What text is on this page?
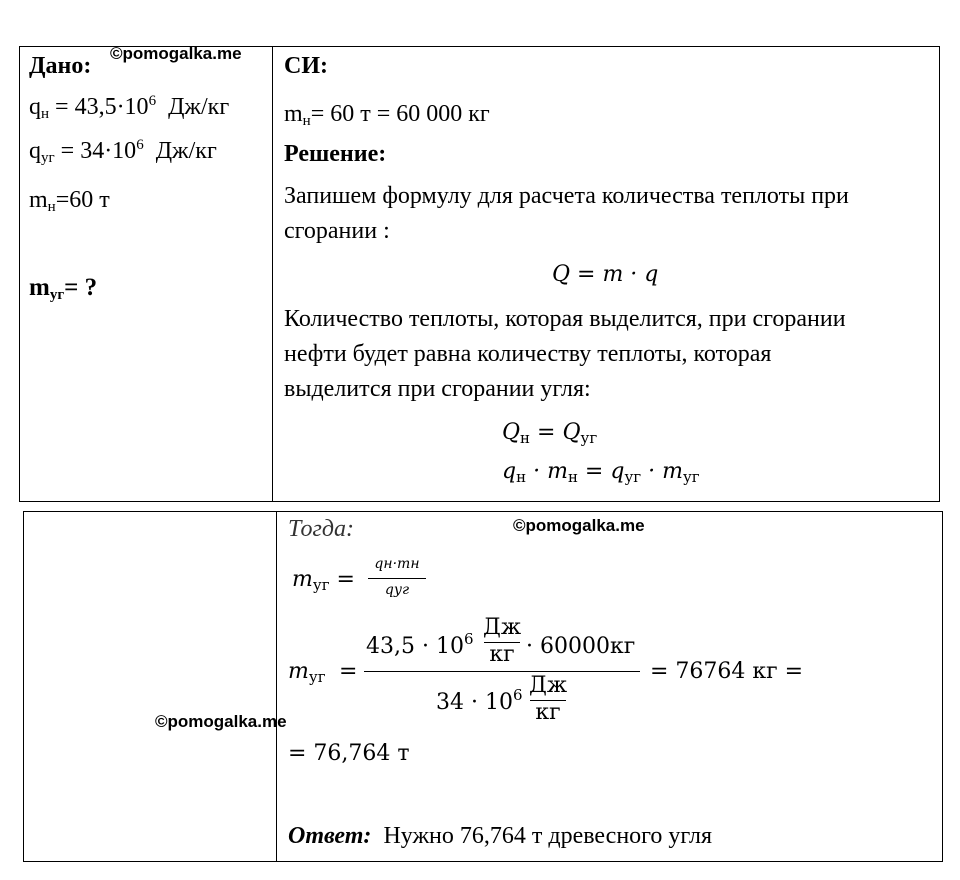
Дано: ©pomogalka.me
$q_н = 43,5\cdot 10^6$ Дж/кг
$q_{уг} = 34\cdot 10^6$ Дж/кг
$m_н=60$ т
$m_{уг}=$ ?
СИ:
$m_н= 60$ т = 60 000 кг
Решение:
Запишем формулу для расчета количества теплоты при
сгорании :
Q = m · q
Количество теплоты, которая выделится, при сгорании
нефти будет равна количеству теплоты, которая
выделится при сгорании угля:
$Q_н = Q_{уг}$
$q_н \cdot m_н = q_{уг} \cdot m_{уг}$
©pomogalka.me
©pomogalka.me
Тогда:
$m_{уг}$ =
qн·mн
qуг
$m_{уг}$ =
$43,5 \cdot 10^6$ Дж
кг · 60000кг
$34 \cdot 10^6$ Дж
кг
= 76764 кг =
= 76,764 т
Ответ: Нужно 76,764 т древесного угля
